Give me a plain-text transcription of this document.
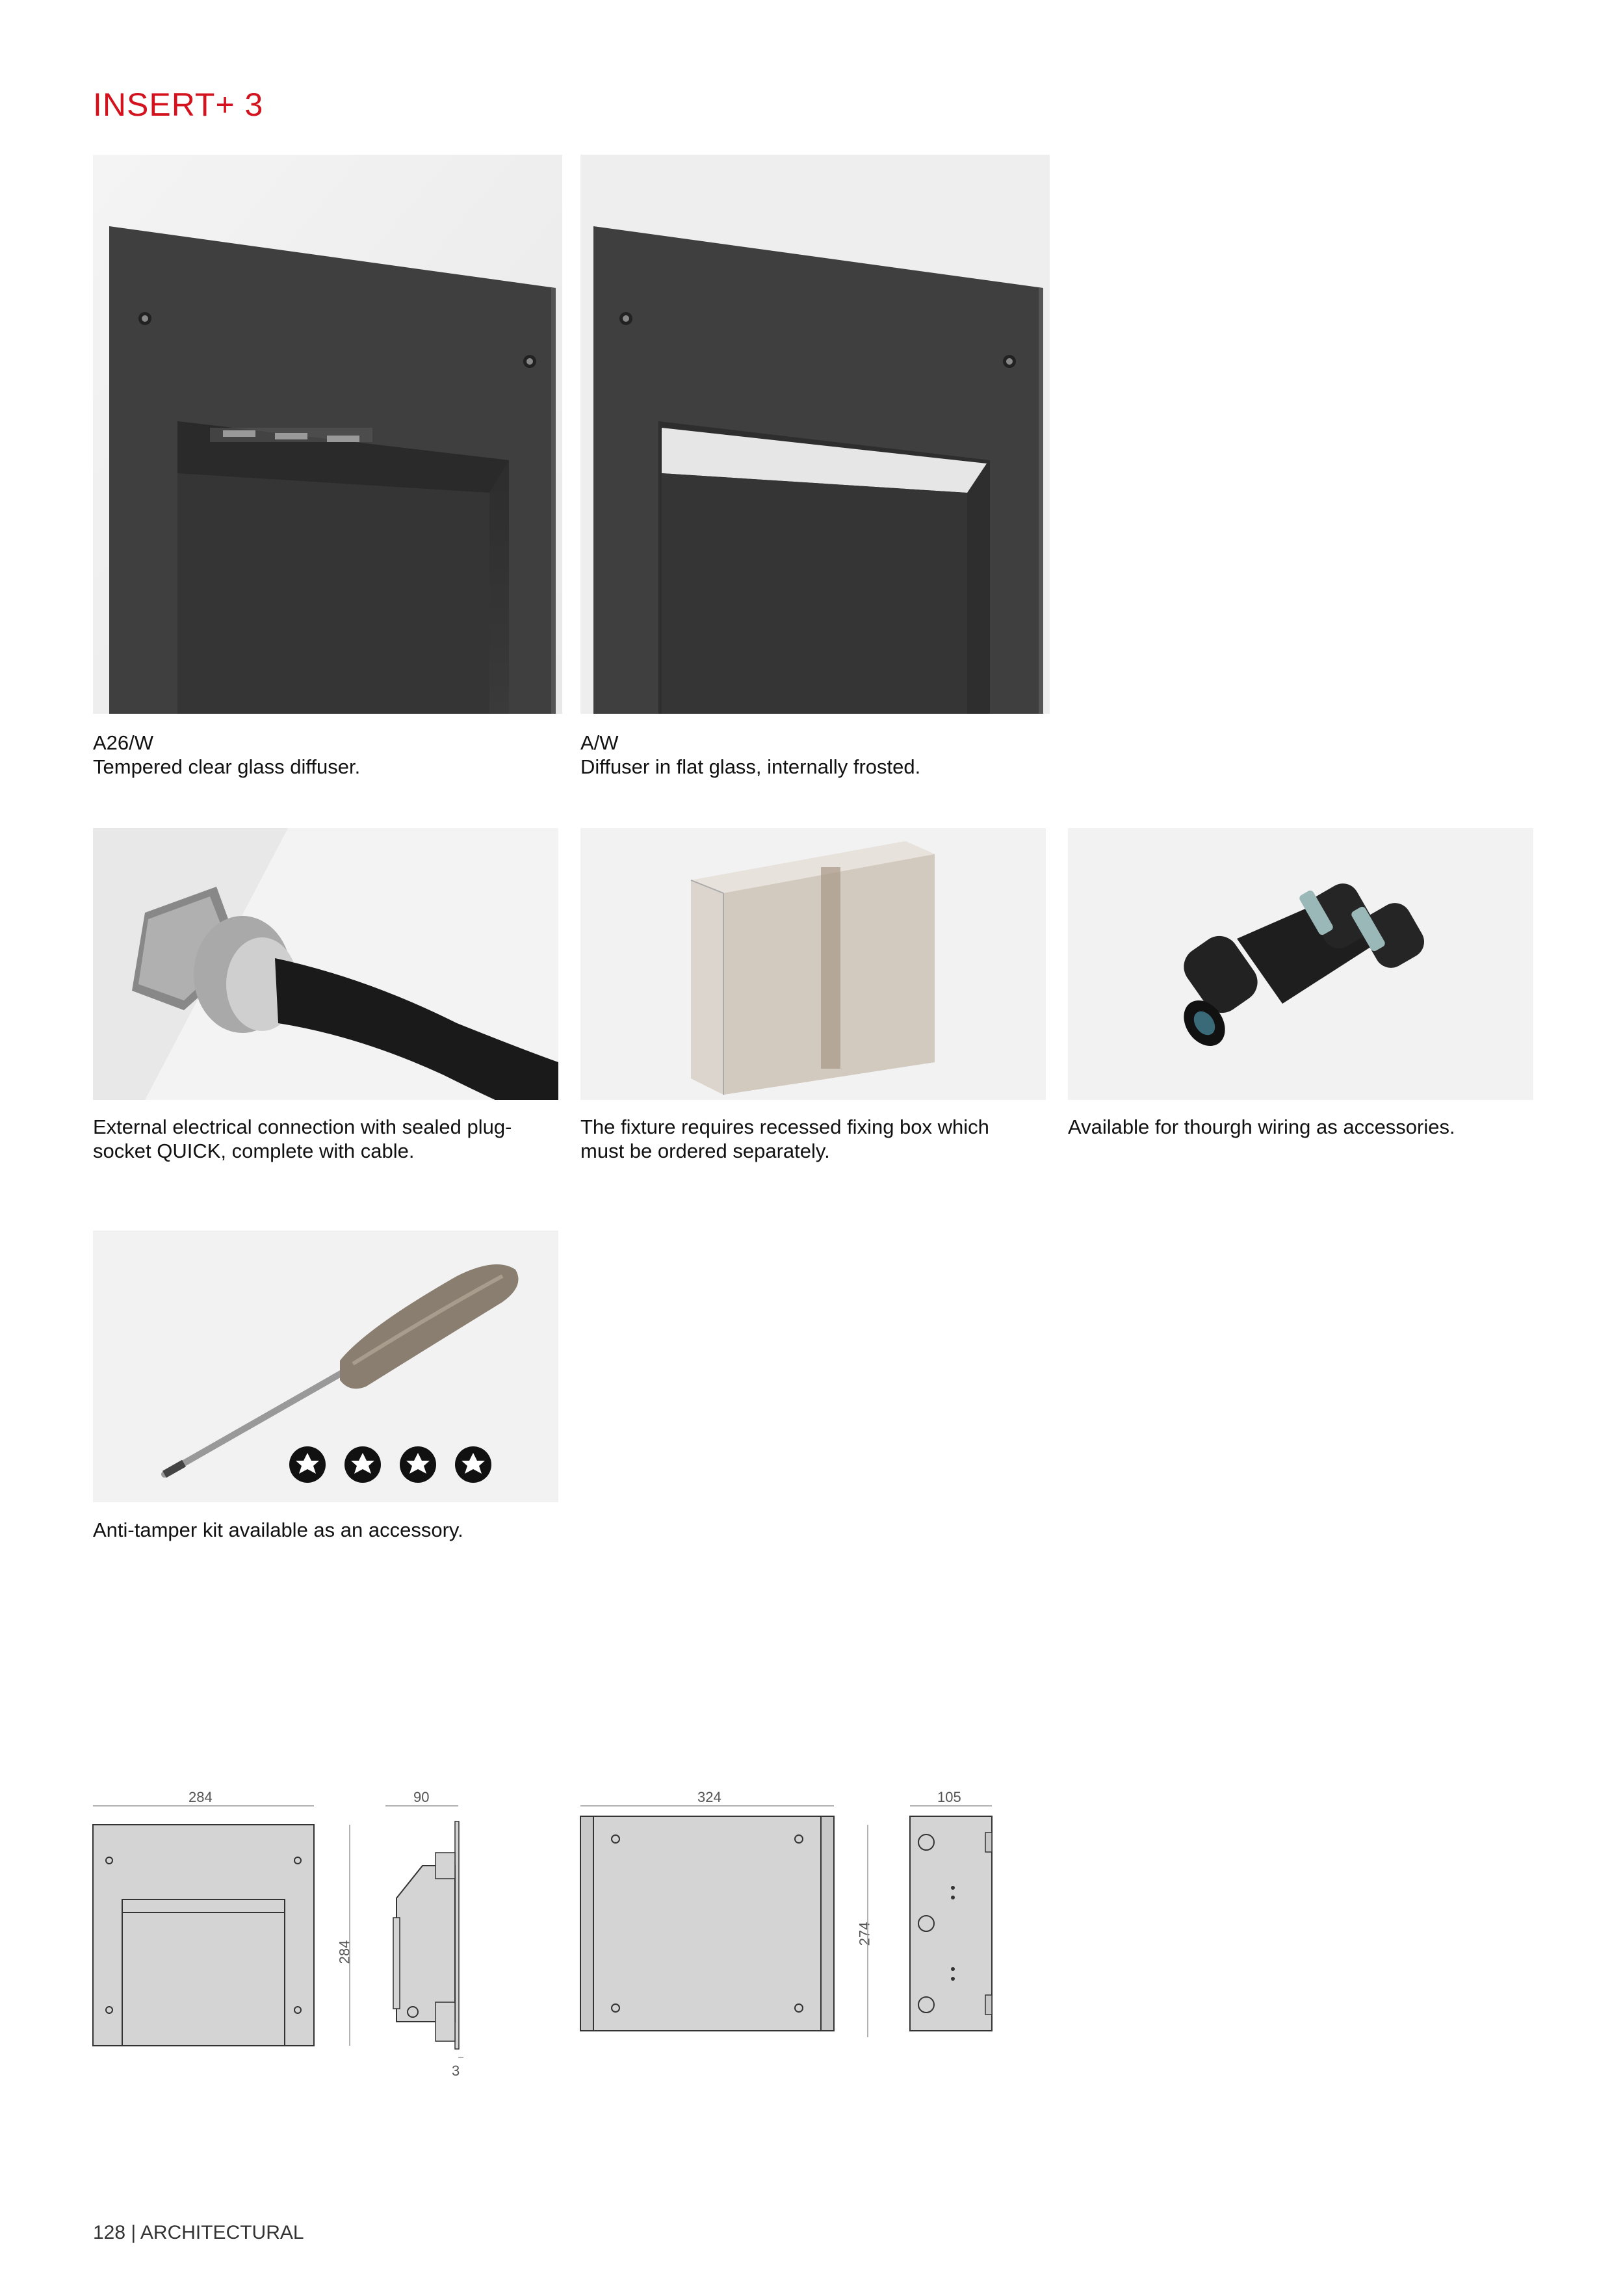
INSERT+ 3
A26/W
Tempered clear glass diffuser.
A/W
Diffuser in flat glass, internally frosted.
External electrical connection with sealed plug-
socket QUICK, complete with cable.
The fixture requires recessed fixing box which
must be ordered separately.
Available for thourgh wiring as accessories.
Anti-tamper kit available as an accessory.
284	90	324	105
284
274
3
128 | ARCHITECTURAL
